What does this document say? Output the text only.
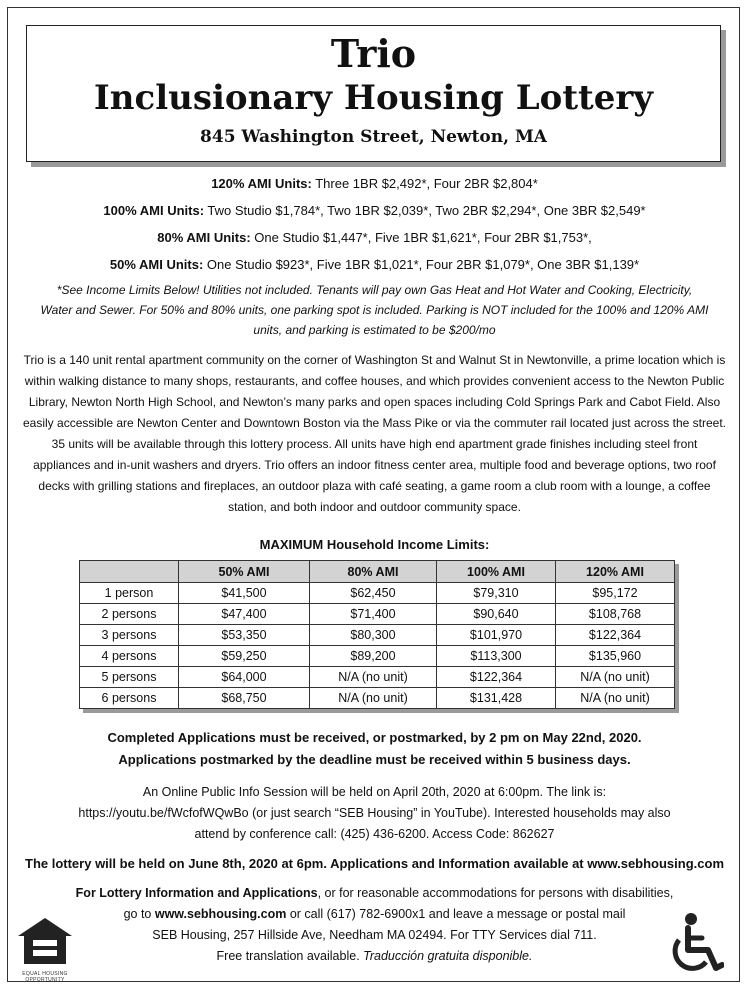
Trio
Inclusionary Housing Lottery
845 Washington Street, Newton, MA
120% AMI Units: Three 1BR $2,492*, Four 2BR $2,804*
100% AMI Units: Two Studio $1,784*, Two 1BR $2,039*, Two 2BR $2,294*, One 3BR $2,549*
80% AMI Units: One Studio $1,447*, Five 1BR $1,621*, Four 2BR $1,753*,
50% AMI Units: One Studio $923*, Five 1BR $1,021*, Four 2BR $1,079*, One 3BR $1,139*
*See Income Limits Below! Utilities not included. Tenants will pay own Gas Heat and Hot Water and Cooking, Electricity, Water and Sewer. For 50% and 80% units, one parking spot is included. Parking is NOT included for the 100% and 120% AMI units, and parking is estimated to be $200/mo
Trio is a 140 unit rental apartment community on the corner of Washington St and Walnut St in Newtonville, a prime location which is within walking distance to many shops, restaurants, and coffee houses, and which provides convenient access to the Newton Public Library, Newton North High School, and Newton’s many parks and open spaces including Cold Springs Park and Cabot Field. Also easily accessible are Newton Center and Downtown Boston via the Mass Pike or via the commuter rail located just across the street. 35 units will be available through this lottery process. All units have high end apartment grade finishes including steel front appliances and in-unit washers and dryers. Trio offers an indoor fitness center area, multiple food and beverage options, two roof decks with grilling stations and fireplaces, an outdoor plaza with café seating, a game room a club room with a lounge, a coffee station, and both indoor and outdoor community space.
MAXIMUM Household Income Limits:
	50% AMI	80% AMI	100% AMI	120% AMI
1 person	$41,500	$62,450	$79,310	$95,172
2 persons	$47,400	$71,400	$90,640	$108,768
3 persons	$53,350	$80,300	$101,970	$122,364
4 persons	$59,250	$89,200	$113,300	$135,960
5 persons	$64,000	N/A (no unit)	$122,364	N/A (no unit)
6 persons	$68,750	N/A (no unit)	$131,428	N/A (no unit)
Completed Applications must be received, or postmarked, by 2 pm on May 22nd, 2020.
Applications postmarked by the deadline must be received within 5 business days.
An Online Public Info Session will be held on April 20th, 2020 at 6:00pm. The link is:
https://youtu.be/fWcfofWQwBo (or just search “SEB Housing” in YouTube). Interested households may also
attend by conference call: (425) 436-6200. Access Code: 862627
The lottery will be held on June 8th, 2020 at 6pm. Applications and Information available at www.sebhousing.com
For Lottery Information and Applications, or for reasonable accommodations for persons with disabilities,
go to www.sebhousing.com or call (617) 782-6900x1 and leave a message or postal mail
SEB Housing, 257 Hillside Ave, Needham MA 02494. For TTY Services dial 711.
Free translation available. Traducción gratuita disponible.
EQUAL HOUSING OPPORTUNITY
